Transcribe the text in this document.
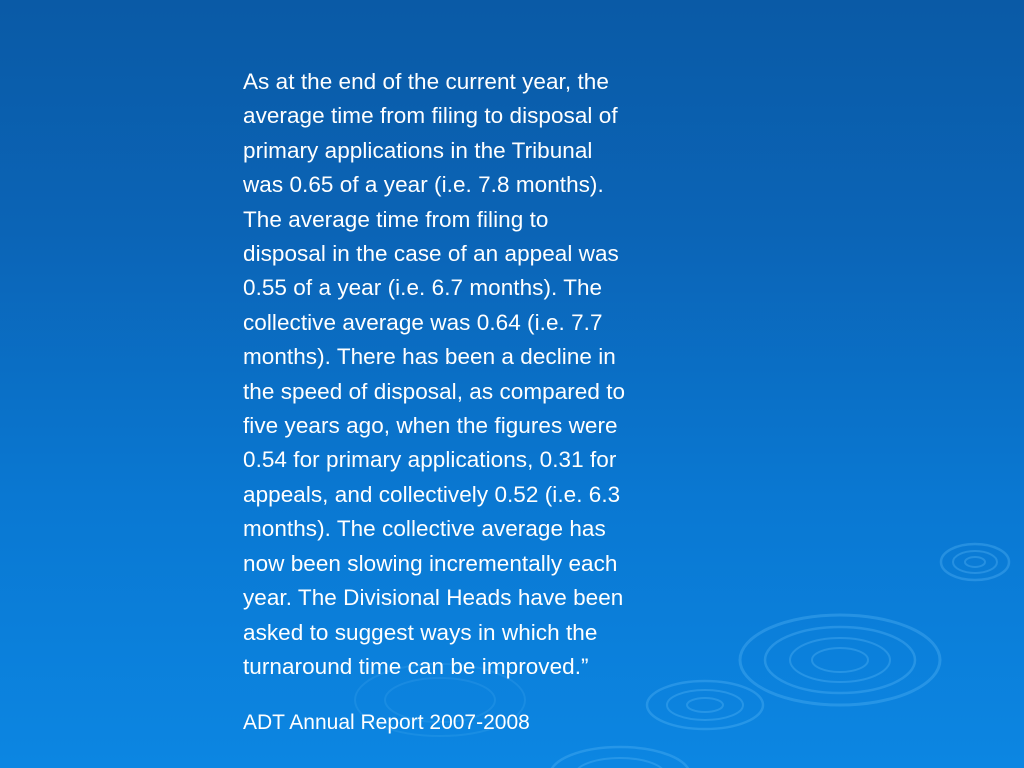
As at the end of the current year, the
average time from filing to disposal of
primary applications in the Tribunal
was 0.65 of a year (i.e. 7.8 months).
The average time from filing to
disposal in the case of an appeal was
0.55 of a year (i.e. 6.7 months). The
collective average was 0.64 (i.e. 7.7
months). There has been a decline in
the speed of disposal, as compared to
five years ago, when the figures were
0.54 for primary applications, 0.31 for
appeals, and collectively 0.52 (i.e. 6.3
months). The collective average has
now been slowing incrementally each
year. The Divisional Heads have been
asked to suggest ways in which the
turnaround time can be improved.”

ADT Annual Report 2007-2008
